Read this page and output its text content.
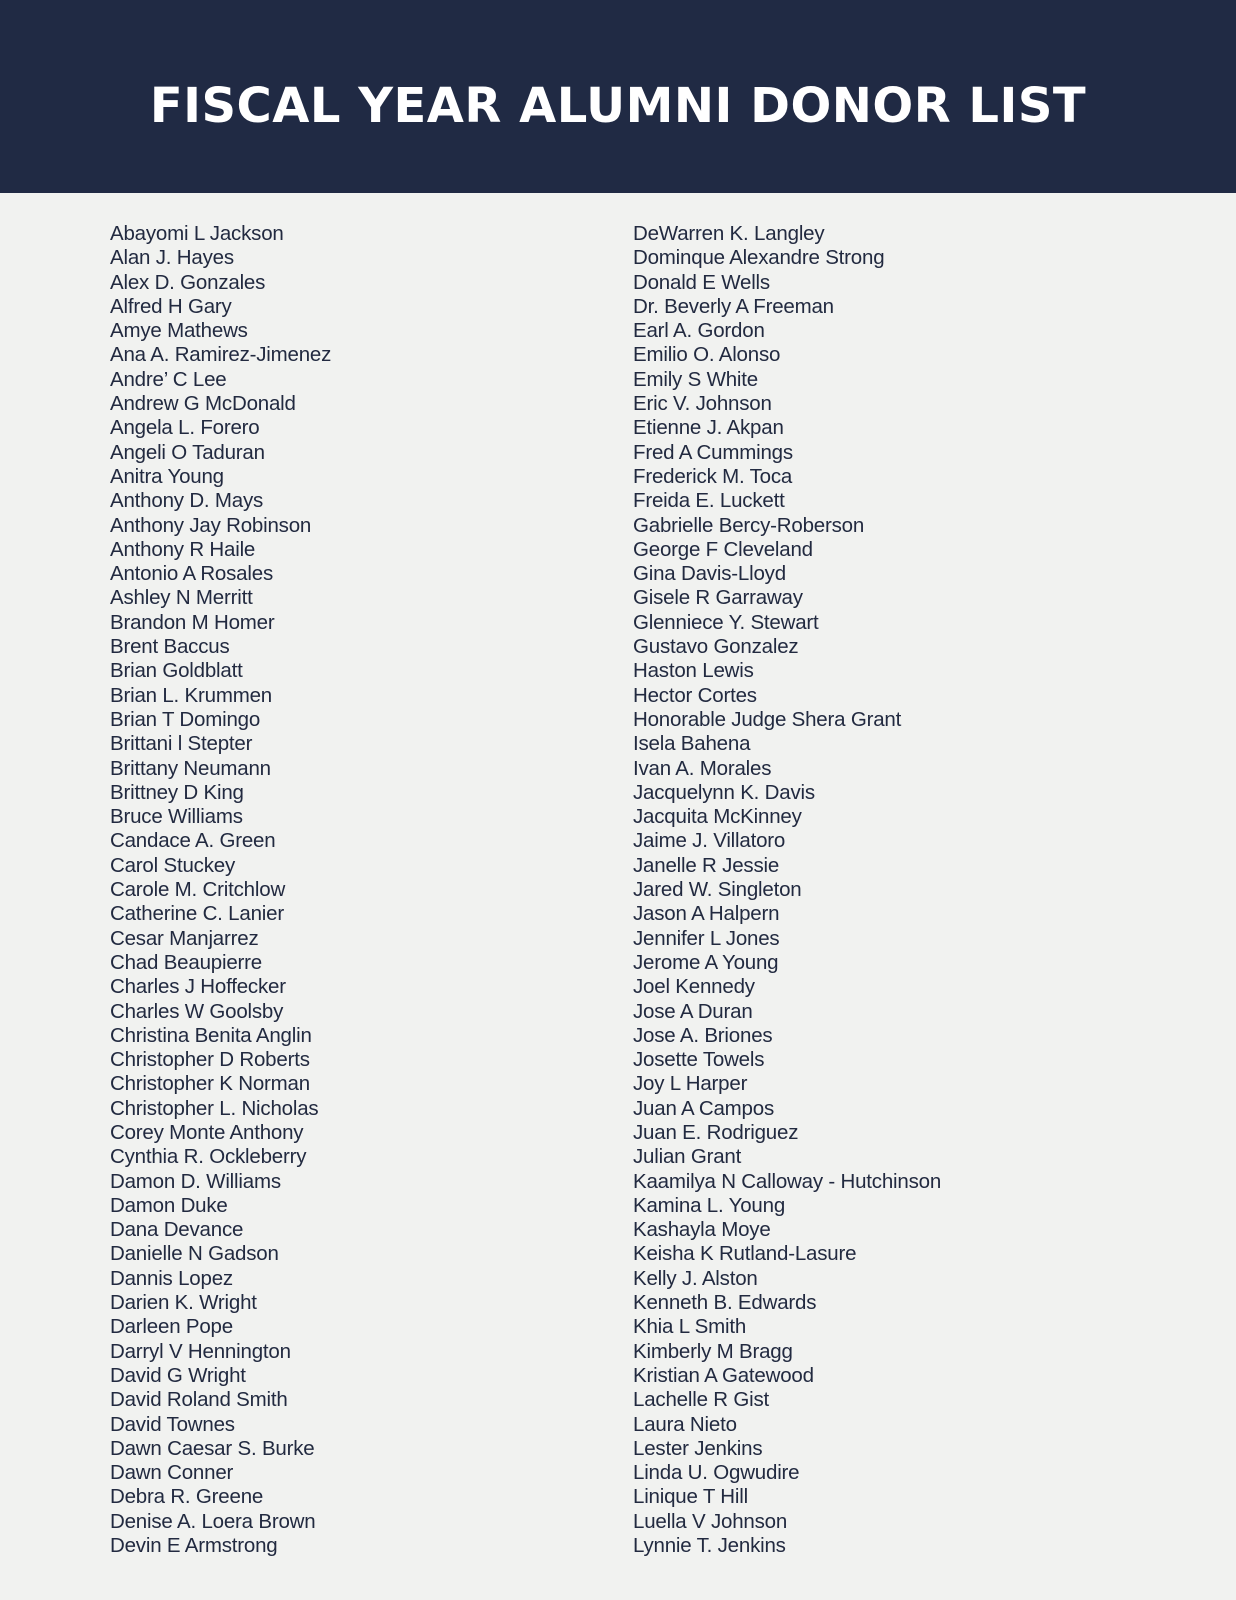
FISCAL YEAR ALUMNI DONOR LIST
Abayomi L Jackson
Alan J. Hayes
Alex D. Gonzales
Alfred H Gary
Amye Mathews
Ana A. Ramirez-Jimenez
Andre’ C Lee
Andrew G McDonald
Angela L. Forero
Angeli O Taduran
Anitra Young
Anthony D. Mays
Anthony Jay Robinson
Anthony R Haile
Antonio A Rosales
Ashley N Merritt
Brandon M Homer
Brent Baccus
Brian Goldblatt
Brian L. Krummen
Brian T Domingo
Brittani l Stepter
Brittany Neumann
Brittney D King
Bruce Williams
Candace A. Green
Carol Stuckey
Carole M. Critchlow
Catherine C. Lanier
Cesar Manjarrez
Chad Beaupierre
Charles J Hoffecker
Charles W Goolsby
Christina Benita Anglin
Christopher D Roberts
Christopher K Norman
Christopher L. Nicholas
Corey Monte Anthony
Cynthia R. Ockleberry
Damon D. Williams
Damon Duke
Dana Devance
Danielle N Gadson
Dannis Lopez
Darien K. Wright
Darleen Pope
Darryl V Hennington
David G Wright
David Roland Smith
David Townes
Dawn Caesar S. Burke
Dawn Conner
Debra R. Greene
Denise A. Loera Brown
Devin E Armstrong
DeWarren K. Langley
Dominque Alexandre Strong
Donald E Wells
Dr. Beverly A Freeman
Earl A. Gordon
Emilio O. Alonso
Emily S White
Eric V. Johnson
Etienne J. Akpan
Fred A Cummings
Frederick M. Toca
Freida E. Luckett
Gabrielle Bercy-Roberson
George F Cleveland
Gina Davis-Lloyd
Gisele R Garraway
Glenniece Y. Stewart
Gustavo Gonzalez
Haston Lewis
Hector Cortes
Honorable Judge Shera Grant
Isela Bahena
Ivan A. Morales
Jacquelynn K. Davis
Jacquita McKinney
Jaime J. Villatoro
Janelle R Jessie
Jared W. Singleton
Jason A Halpern
Jennifer L Jones
Jerome A Young
Joel Kennedy
Jose A Duran
Jose A. Briones
Josette Towels
Joy L Harper
Juan A Campos
Juan E. Rodriguez
Julian Grant
Kaamilya N Calloway - Hutchinson
Kamina L. Young
Kashayla Moye
Keisha K Rutland-Lasure
Kelly J. Alston
Kenneth B. Edwards
Khia L Smith
Kimberly M Bragg
Kristian A Gatewood
Lachelle R Gist
Laura Nieto
Lester Jenkins
Linda U. Ogwudire
Linique T Hill
Luella V Johnson
Lynnie T. Jenkins
